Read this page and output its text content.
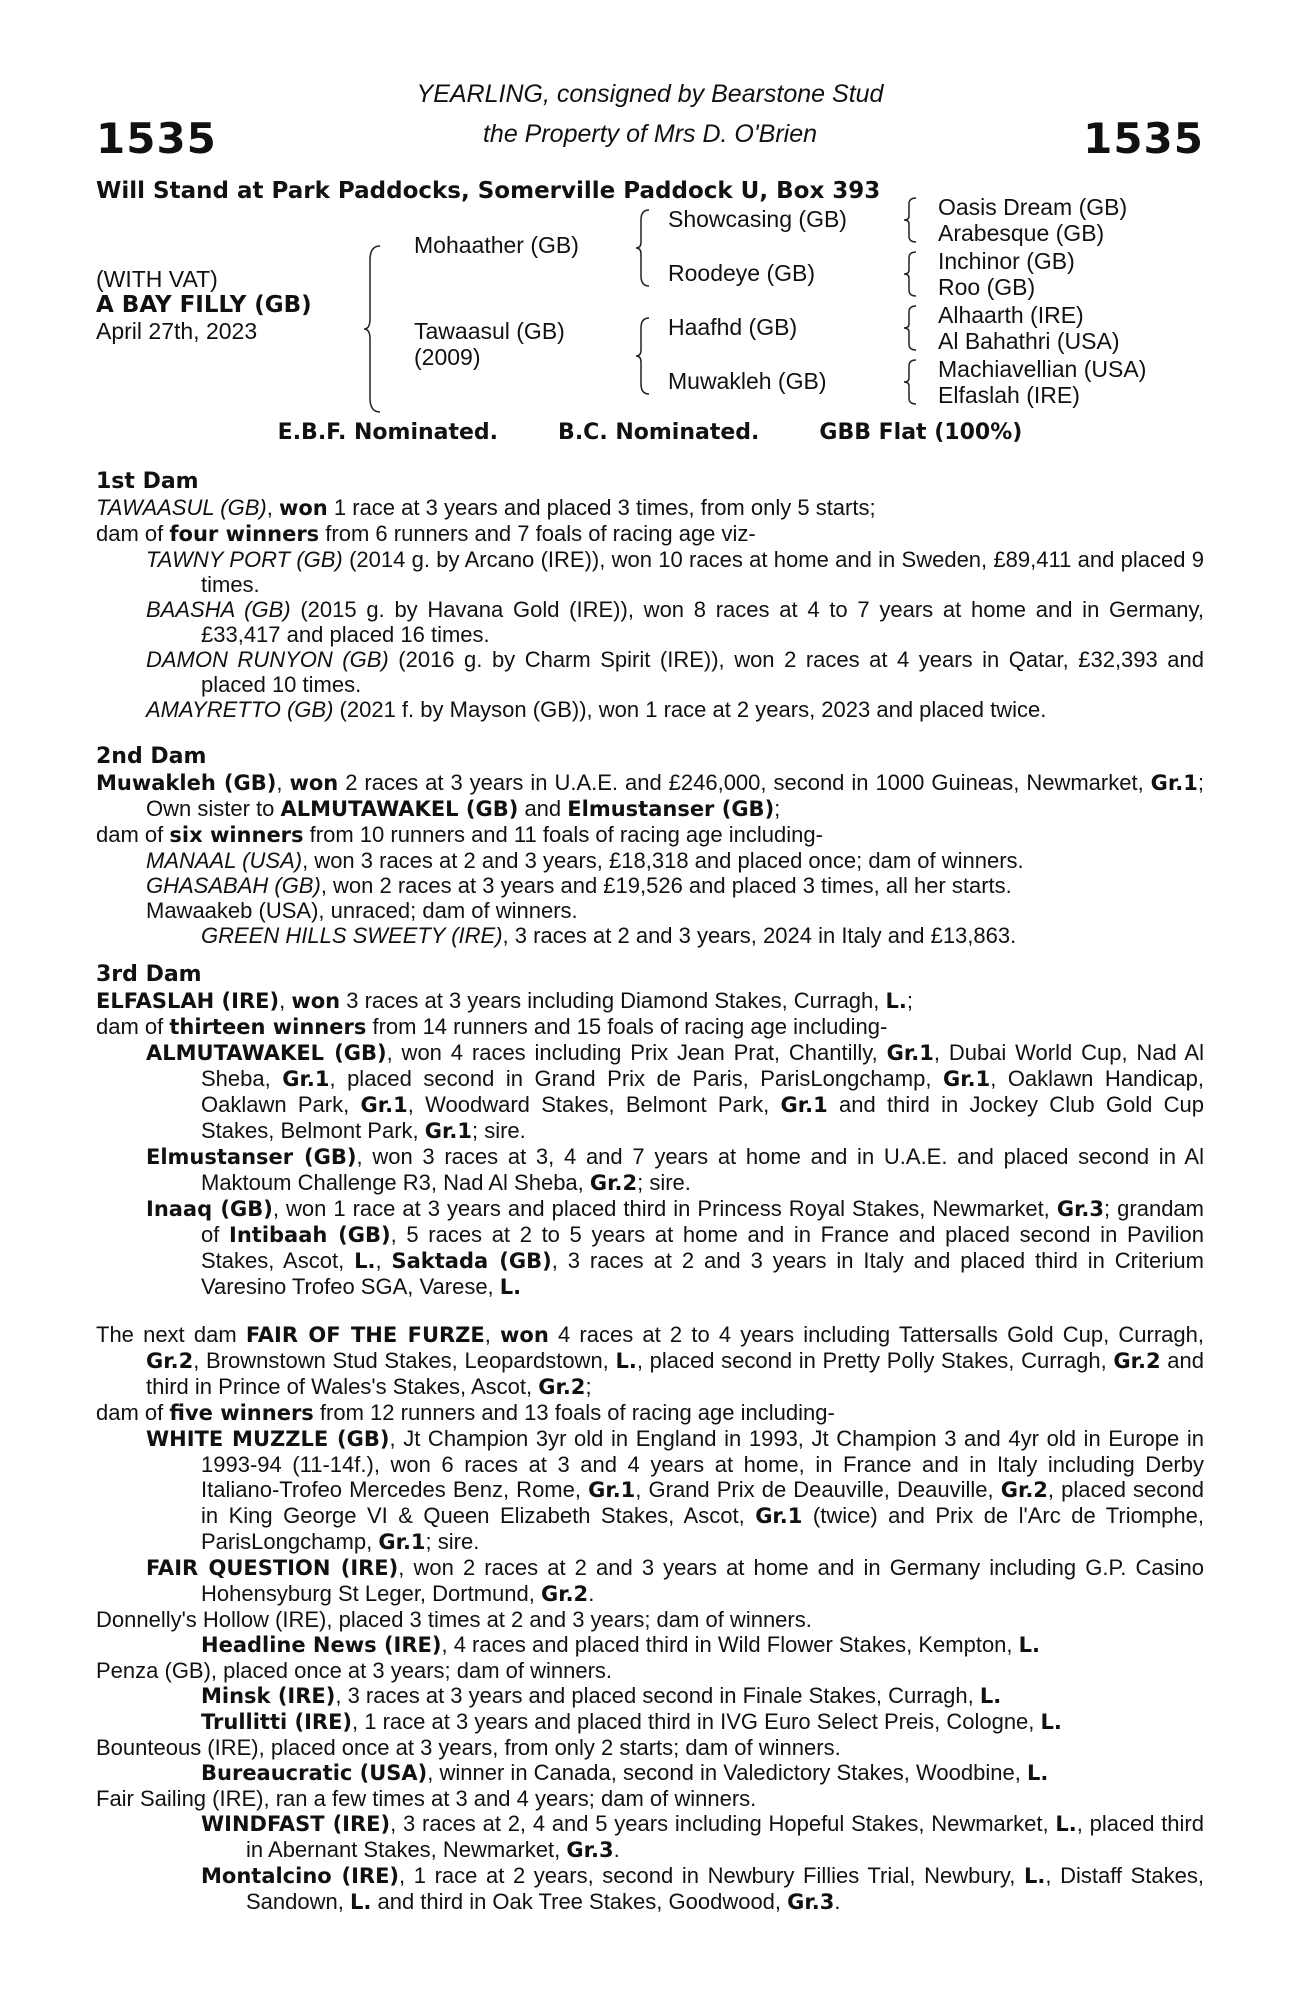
1535
YEARLING, consigned by Bearstone Stud
the Property of Mrs D. O'Brien	1535
Will Stand at Park Paddocks, Somerville Paddock U, Box 393
(WITH VAT)
A BAY FILLY (GB)
April 27th, 2023
Mohaather (GB)
Tawaasul (GB)
(2009)
Showcasing (GB)
Roodeye (GB)
Haafhd (GB)
Muwakleh (GB)
Oasis Dream (GB)
Arabesque (GB)
Inchinor (GB)
Roo (GB)
Alhaarth (IRE)
Al Bahathri (USA)
Machiavellian (USA)
Elfaslah (IRE)
E.B.F. Nominated.	B.C. Nominated.	GBB Flat (100%)
1st Dam

TAWAASUL (GB), won 1 race at 3 years and placed 3 times, from only 5 starts;

dam of four winners from 6 runners and 7 foals of racing age viz-

TAWNY PORT (GB) (2014 g. by Arcano (IRE)), won 10 races at home and in Sweden, £89,411 and placed 9 times.

BAASHA (GB) (2015 g. by Havana Gold (IRE)), won 8 races at 4 to 7 years at home and in Germany, £33,417 and placed 16 times.

DAMON RUNYON (GB) (2016 g. by Charm Spirit (IRE)), won 2 races at 4 years in Qatar, £32,393 and placed 10 times.

AMAYRETTO (GB) (2021 f. by Mayson (GB)), won 1 race at 2 years, 2023 and placed twice.

2nd Dam

Muwakleh (GB), won 2 races at 3 years in U.A.E. and £246,000, second in 1000 Guineas, Newmarket, Gr.1; Own sister to ALMUTAWAKEL (GB) and Elmustanser (GB);

dam of six winners from 10 runners and 11 foals of racing age including-

MANAAL (USA), won 3 races at 2 and 3 years, £18,318 and placed once; dam of winners.

GHASABAH (GB), won 2 races at 3 years and £19,526 and placed 3 times, all her starts.

Mawaakeb (USA), unraced; dam of winners.

GREEN HILLS SWEETY (IRE), 3 races at 2 and 3 years, 2024 in Italy and £13,863.

3rd Dam

ELFASLAH (IRE), won 3 races at 3 years including Diamond Stakes, Curragh, L.;

dam of thirteen winners from 14 runners and 15 foals of racing age including-

ALMUTAWAKEL (GB), won 4 races including Prix Jean Prat, Chantilly, Gr.1, Dubai World Cup, Nad Al Sheba, Gr.1, placed second in Grand Prix de Paris, ParisLongchamp, Gr.1, Oaklawn Handicap, Oaklawn Park, Gr.1, Woodward Stakes, Belmont Park, Gr.1 and third in Jockey Club Gold Cup Stakes, Belmont Park, Gr.1; sire.

Elmustanser (GB), won 3 races at 3, 4 and 7 years at home and in U.A.E. and placed second in Al Maktoum Challenge R3, Nad Al Sheba, Gr.2; sire.

Inaaq (GB), won 1 race at 3 years and placed third in Princess Royal Stakes, Newmarket, Gr.3; grandam of Intibaah (GB), 5 races at 2 to 5 years at home and in France and placed second in Pavilion Stakes, Ascot, L., Saktada (GB), 3 races at 2 and 3 years in Italy and placed third in Criterium Varesino Trofeo SGA, Varese, L.

The next dam FAIR OF THE FURZE, won 4 races at 2 to 4 years including Tattersalls Gold Cup, Curragh, Gr.2, Brownstown Stud Stakes, Leopardstown, L., placed second in Pretty Polly Stakes, Curragh, Gr.2 and third in Prince of Wales's Stakes, Ascot, Gr.2;

dam of five winners from 12 runners and 13 foals of racing age including-

WHITE MUZZLE (GB), Jt Champion 3yr old in England in 1993, Jt Champion 3 and 4yr old in Europe in 1993-94 (11-14f.), won 6 races at 3 and 4 years at home, in France and in Italy including Derby Italiano-Trofeo Mercedes Benz, Rome, Gr.1, Grand Prix de Deauville, Deauville, Gr.2, placed second in King George VI & Queen Elizabeth Stakes, Ascot, Gr.1 (twice) and Prix de l'Arc de Triomphe, ParisLongchamp, Gr.1; sire.

FAIR QUESTION (IRE), won 2 races at 2 and 3 years at home and in Germany including G.P. Casino Hohensyburg St Leger, Dortmund, Gr.2.

Donnelly's Hollow (IRE), placed 3 times at 2 and 3 years; dam of winners.

Headline News (IRE), 4 races and placed third in Wild Flower Stakes, Kempton, L.

Penza (GB), placed once at 3 years; dam of winners.

Minsk (IRE), 3 races at 3 years and placed second in Finale Stakes, Curragh, L.

Trullitti (IRE), 1 race at 3 years and placed third in IVG Euro Select Preis, Cologne, L.

Bounteous (IRE), placed once at 3 years, from only 2 starts; dam of winners.

Bureaucratic (USA), winner in Canada, second in Valedictory Stakes, Woodbine, L.

Fair Sailing (IRE), ran a few times at 3 and 4 years; dam of winners.

WINDFAST (IRE), 3 races at 2, 4 and 5 years including Hopeful Stakes, Newmarket, L., placed third in Abernant Stakes, Newmarket, Gr.3.

Montalcino (IRE), 1 race at 2 years, second in Newbury Fillies Trial, Newbury, L., Distaff Stakes, Sandown, L. and third in Oak Tree Stakes, Goodwood, Gr.3.
